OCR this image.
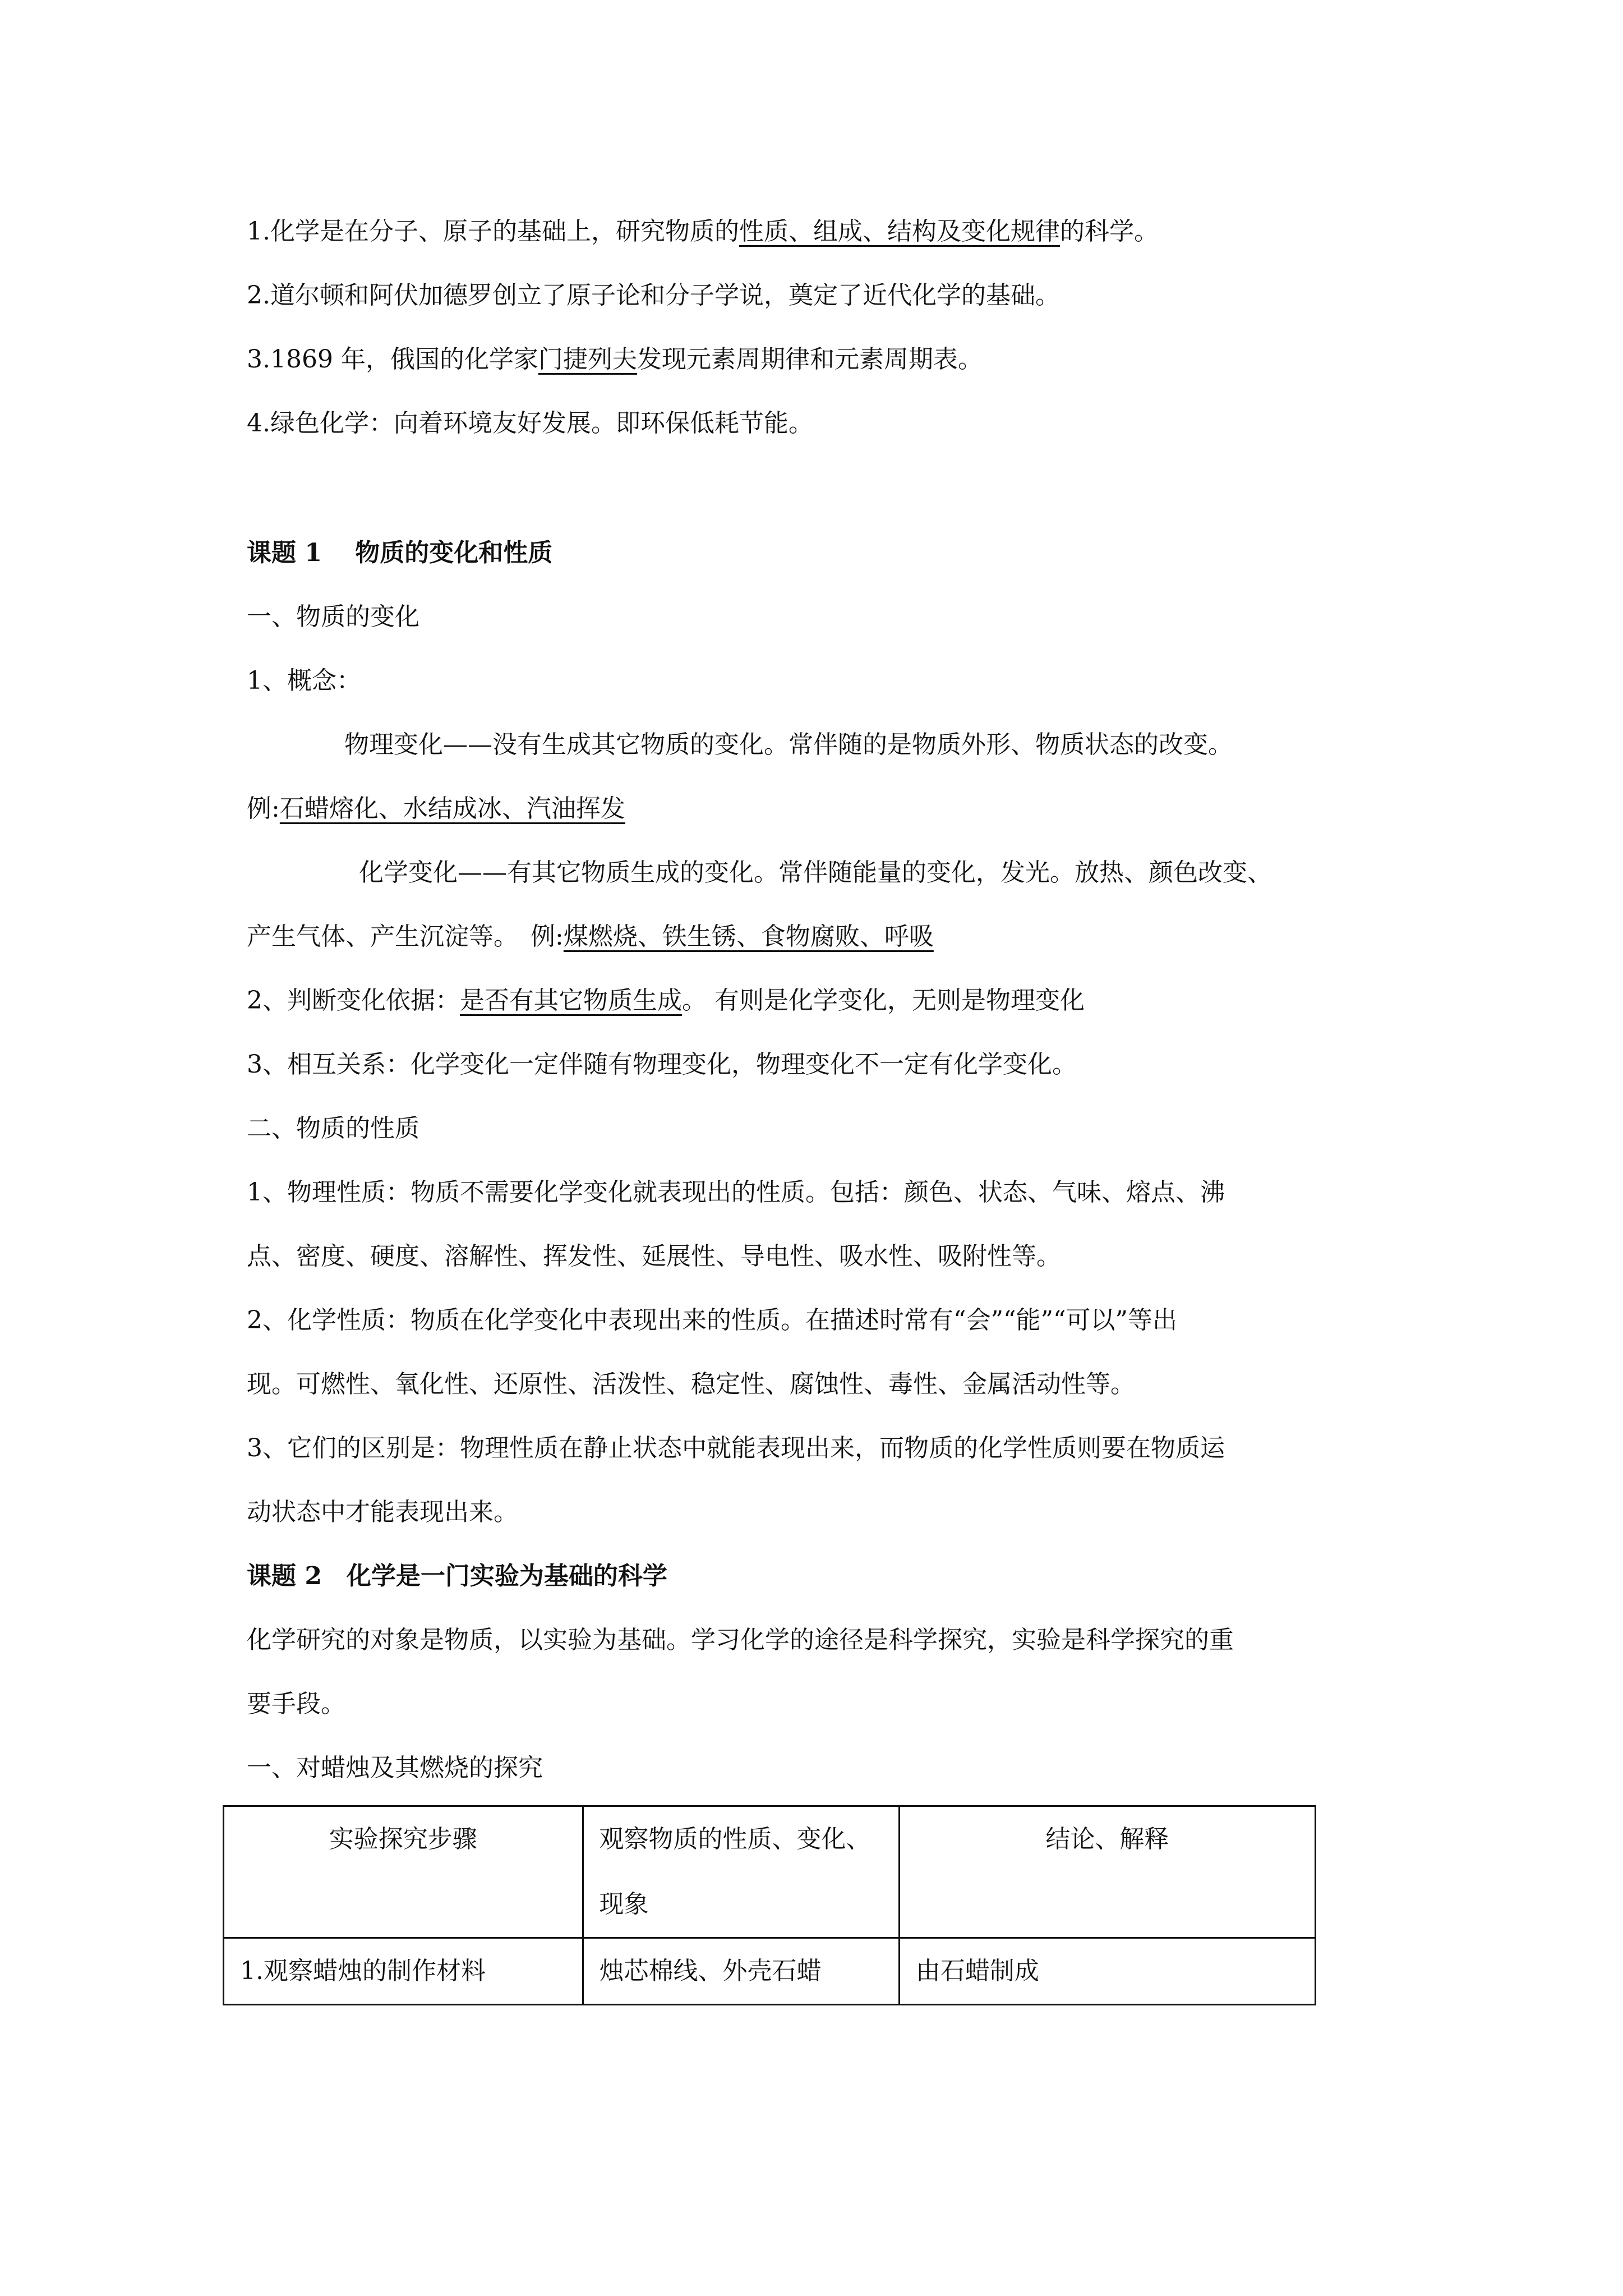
1.化学是在分子、原子的基础上，研究物质的性质、组成、结构及变化规律的科学。
2.道尔顿和阿伏加德罗创立了原子论和分子学说，奠定了近代化学的基础。
3.1869 年，俄国的化学家门捷列夫发现元素周期律和元素周期表。
4.绿色化学：向着环境友好发展。即环保低耗节能。
课题 1　 物质的变化和性质
一、物质的变化
1、概念：
物理变化——没有生成其它物质的变化。常伴随的是物质外形、物质状态的改变。
例:石蜡熔化、水结成冰、汽油挥发
化学变化——有其它物质生成的变化。常伴随能量的变化，发光。放热、颜色改变、
产生气体、产生沉淀等。　例:煤燃烧、铁生锈、食物腐败、呼吸
2、判断变化依据：是否有其它物质生成。 有则是化学变化，无则是物理变化
3、相互关系：化学变化一定伴随有物理变化，物理变化不一定有化学变化。
二、物质的性质
1、物理性质：物质不需要化学变化就表现出的性质。包括：颜色、状态、气味、熔点、沸
点、密度、硬度、溶解性、挥发性、延展性、导电性、吸水性、吸附性等。
2、化学性质：物质在化学变化中表现出来的性质。在描述时常有“会”“能”“可以”等出
现。可燃性、氧化性、还原性、活泼性、稳定性、腐蚀性、毒性、金属活动性等。
3、它们的区别是：物理性质在静止状态中就能表现出来，而物质的化学性质则要在物质运
动状态中才能表现出来。
课题 2　化学是一门实验为基础的科学
化学研究的对象是物质，以实验为基础。学习化学的途径是科学探究，实验是科学探究的重
要手段。
一、对蜡烛及其燃烧的探究
实验探究步骤	观察物质的性质、变化、现象	结论、解释
1.观察蜡烛的制作材料	烛芯棉线、外壳石蜡	由石蜡制成
